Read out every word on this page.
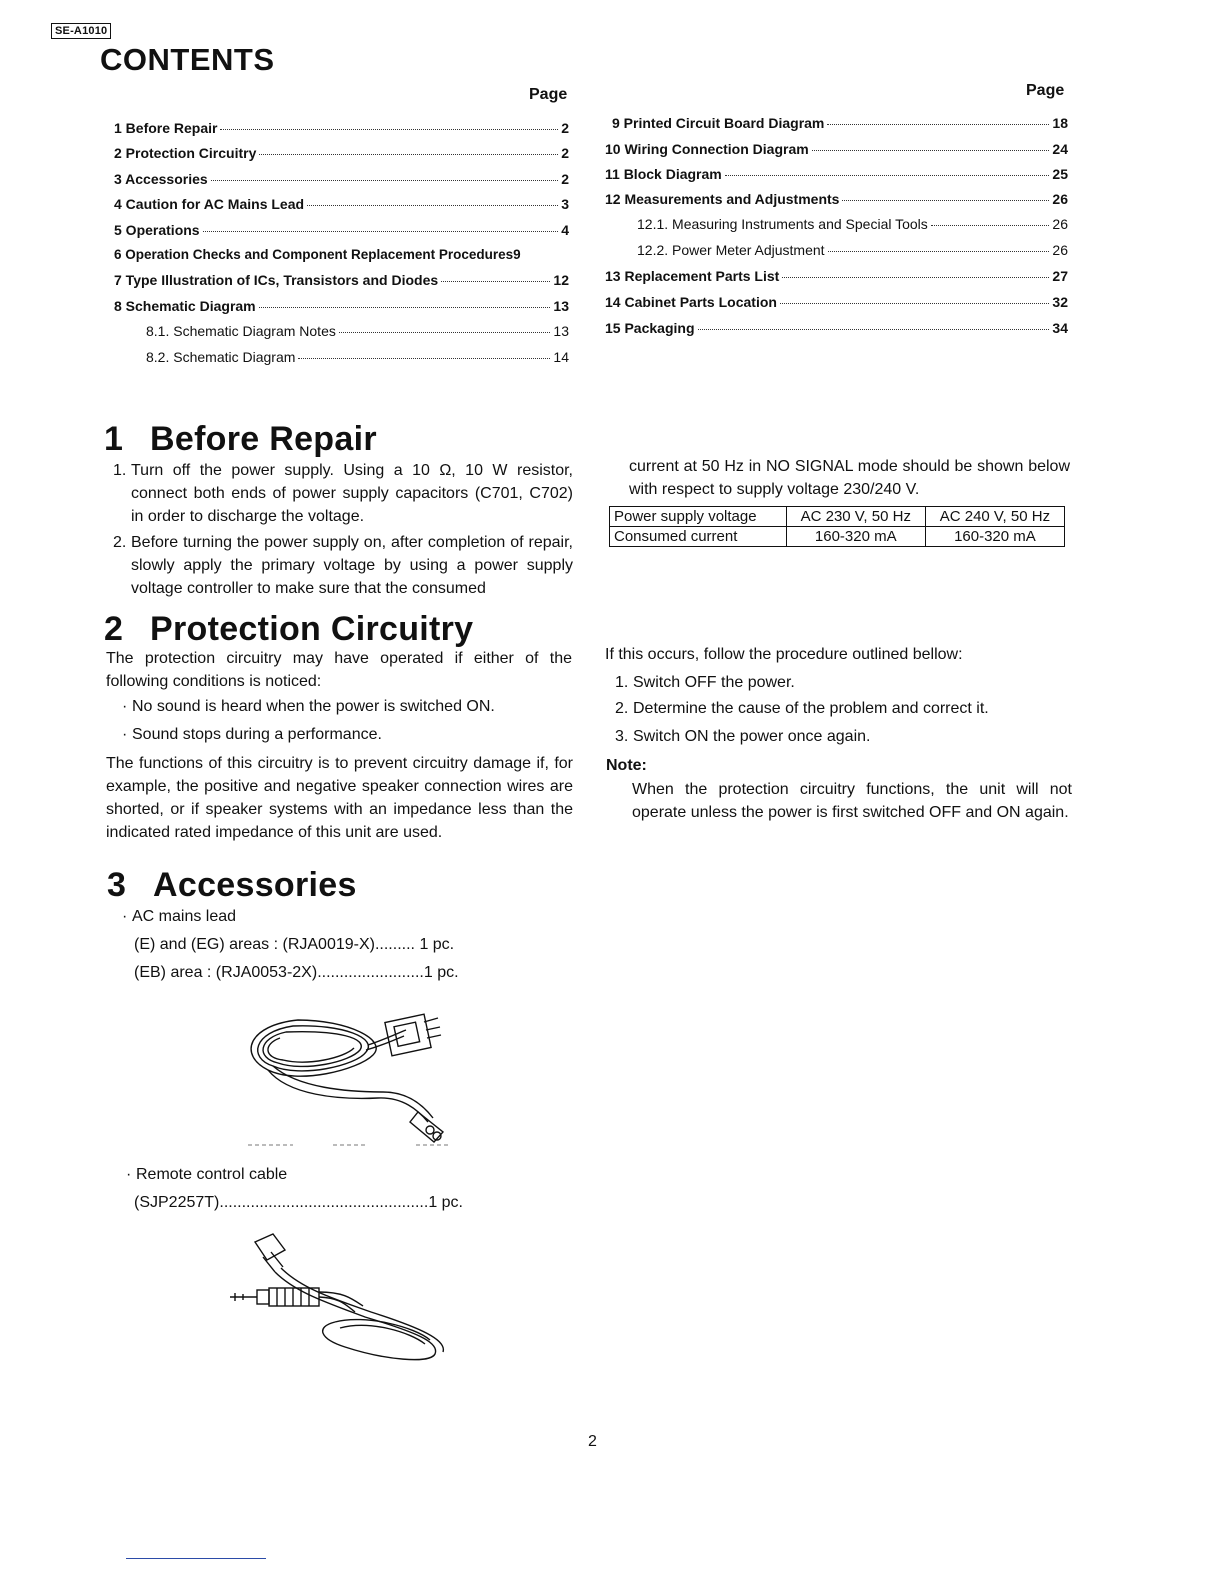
SE-A1010
CONTENTS
Page	Page
1 Before Repair	2
2 Protection Circuitry	2
3 Accessories	2
4 Caution for AC Mains Lead	3
5 Operations	4
6 Operation Checks and Component Replacement Procedures 9
7 Type Illustration of ICs, Transistors and Diodes	12
8 Schematic Diagram	13
8.1. Schematic Diagram Notes	13
8.2. Schematic Diagram	14
9 Printed Circuit Board Diagram	18
10 Wiring Connection Diagram	24
11 Block Diagram	25
12 Measurements and Adjustments	26
12.1. Measuring Instruments and Special Tools	26
12.2. Power Meter Adjustment	26
13 Replacement Parts List	27
14 Cabinet Parts Location	32
15 Packaging	34
1 Before Repair
1. Turn off the power supply. Using a 10 Ω, 10 W resistor, connect both ends of power supply capacitors (C701, C702) in order to discharge the voltage.
2. Before turning the power supply on, after completion of repair, slowly apply the primary voltage by using a power supply voltage controller to make sure that the consumed
current at 50 Hz in NO SIGNAL mode should be shown below with respect to supply voltage 230/240 V.
Power supply voltage	AC 230 V, 50 Hz	AC 240 V, 50 Hz
Consumed current	160-320 mA	160-320 mA
2 Protection Circuitry
The protection circuitry may have operated if either of the following conditions is noticed:
· No sound is heard when the power is switched ON.
· Sound stops during a performance.
The functions of this circuitry is to prevent circuitry damage if, for example, the positive and negative speaker connection wires are shorted, or if speaker systems with an impedance less than the indicated rated impedance of this unit are used.
If this occurs, follow the procedure outlined bellow:
1. Switch OFF the power.
2. Determine the cause of the problem and correct it.
3. Switch ON the power once again.
Note:
When the protection circuitry functions, the unit will not operate unless the power is first switched OFF and ON again.
3 Accessories
· AC mains lead
(E) and (EG) areas : (RJA0019-X)......... 1 pc.
(EB) area : (RJA0053-2X)........................1 pc.
· Remote control cable
(SJP2257T)...............................................1 pc.
2
